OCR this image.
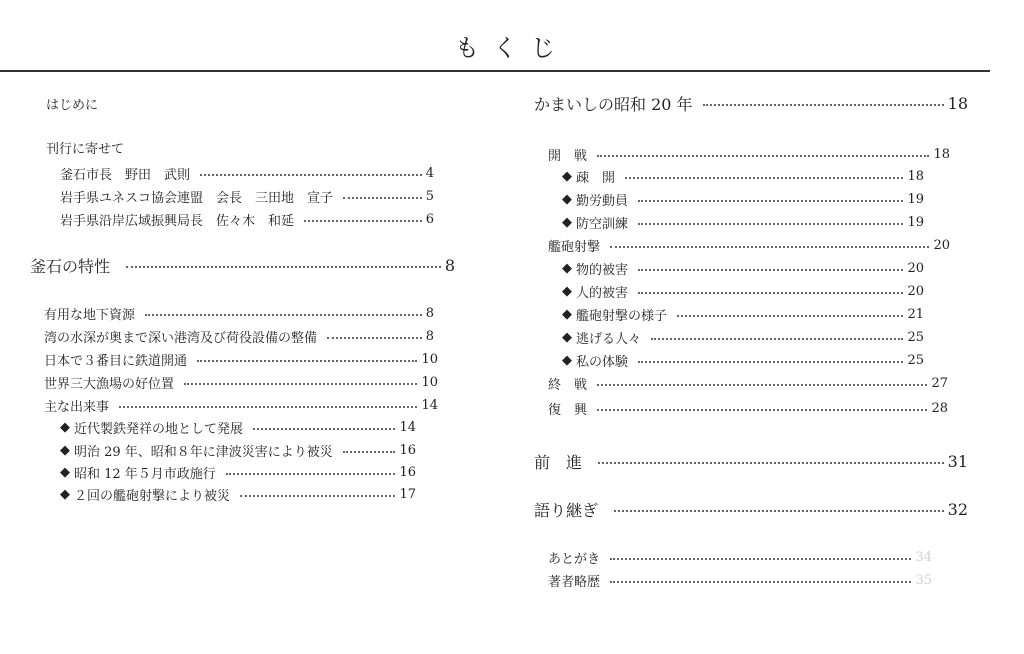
もくじ
はじめに
刊行に寄せて
釜石市長　野田　武則	4
岩手県ユネスコ協会連盟　会長　三田地　宣子	5
岩手県沿岸広域振興局長　佐々木　和延	6
釜石の特性	8
有用な地下資源	8
湾の水深が奥まで深い港湾及び荷役設備の整備	8
日本で３番目に鉄道開通	10
世界三大漁場の好位置	10
主な出来事	14
◆ 近代製鉄発祥の地として発展	14
◆ 明治 29 年、昭和８年に津波災害により被災	16
◆ 昭和 12 年５月市政施行	16
◆ ２回の艦砲射撃により被災	17
かまいしの昭和 20 年	18
開　戦	18
◆ 疎　開	18
◆ 勤労動員	19
◆ 防空訓練	19
艦砲射撃	20
◆ 物的被害	20
◆ 人的被害	20
◆ 艦砲射撃の様子	21
◆ 逃げる人々	25
◆ 私の体験	25
終　戦	27
復　興	28
前　進	31
語り継ぎ	32
あとがき	34
著者略歴	35
